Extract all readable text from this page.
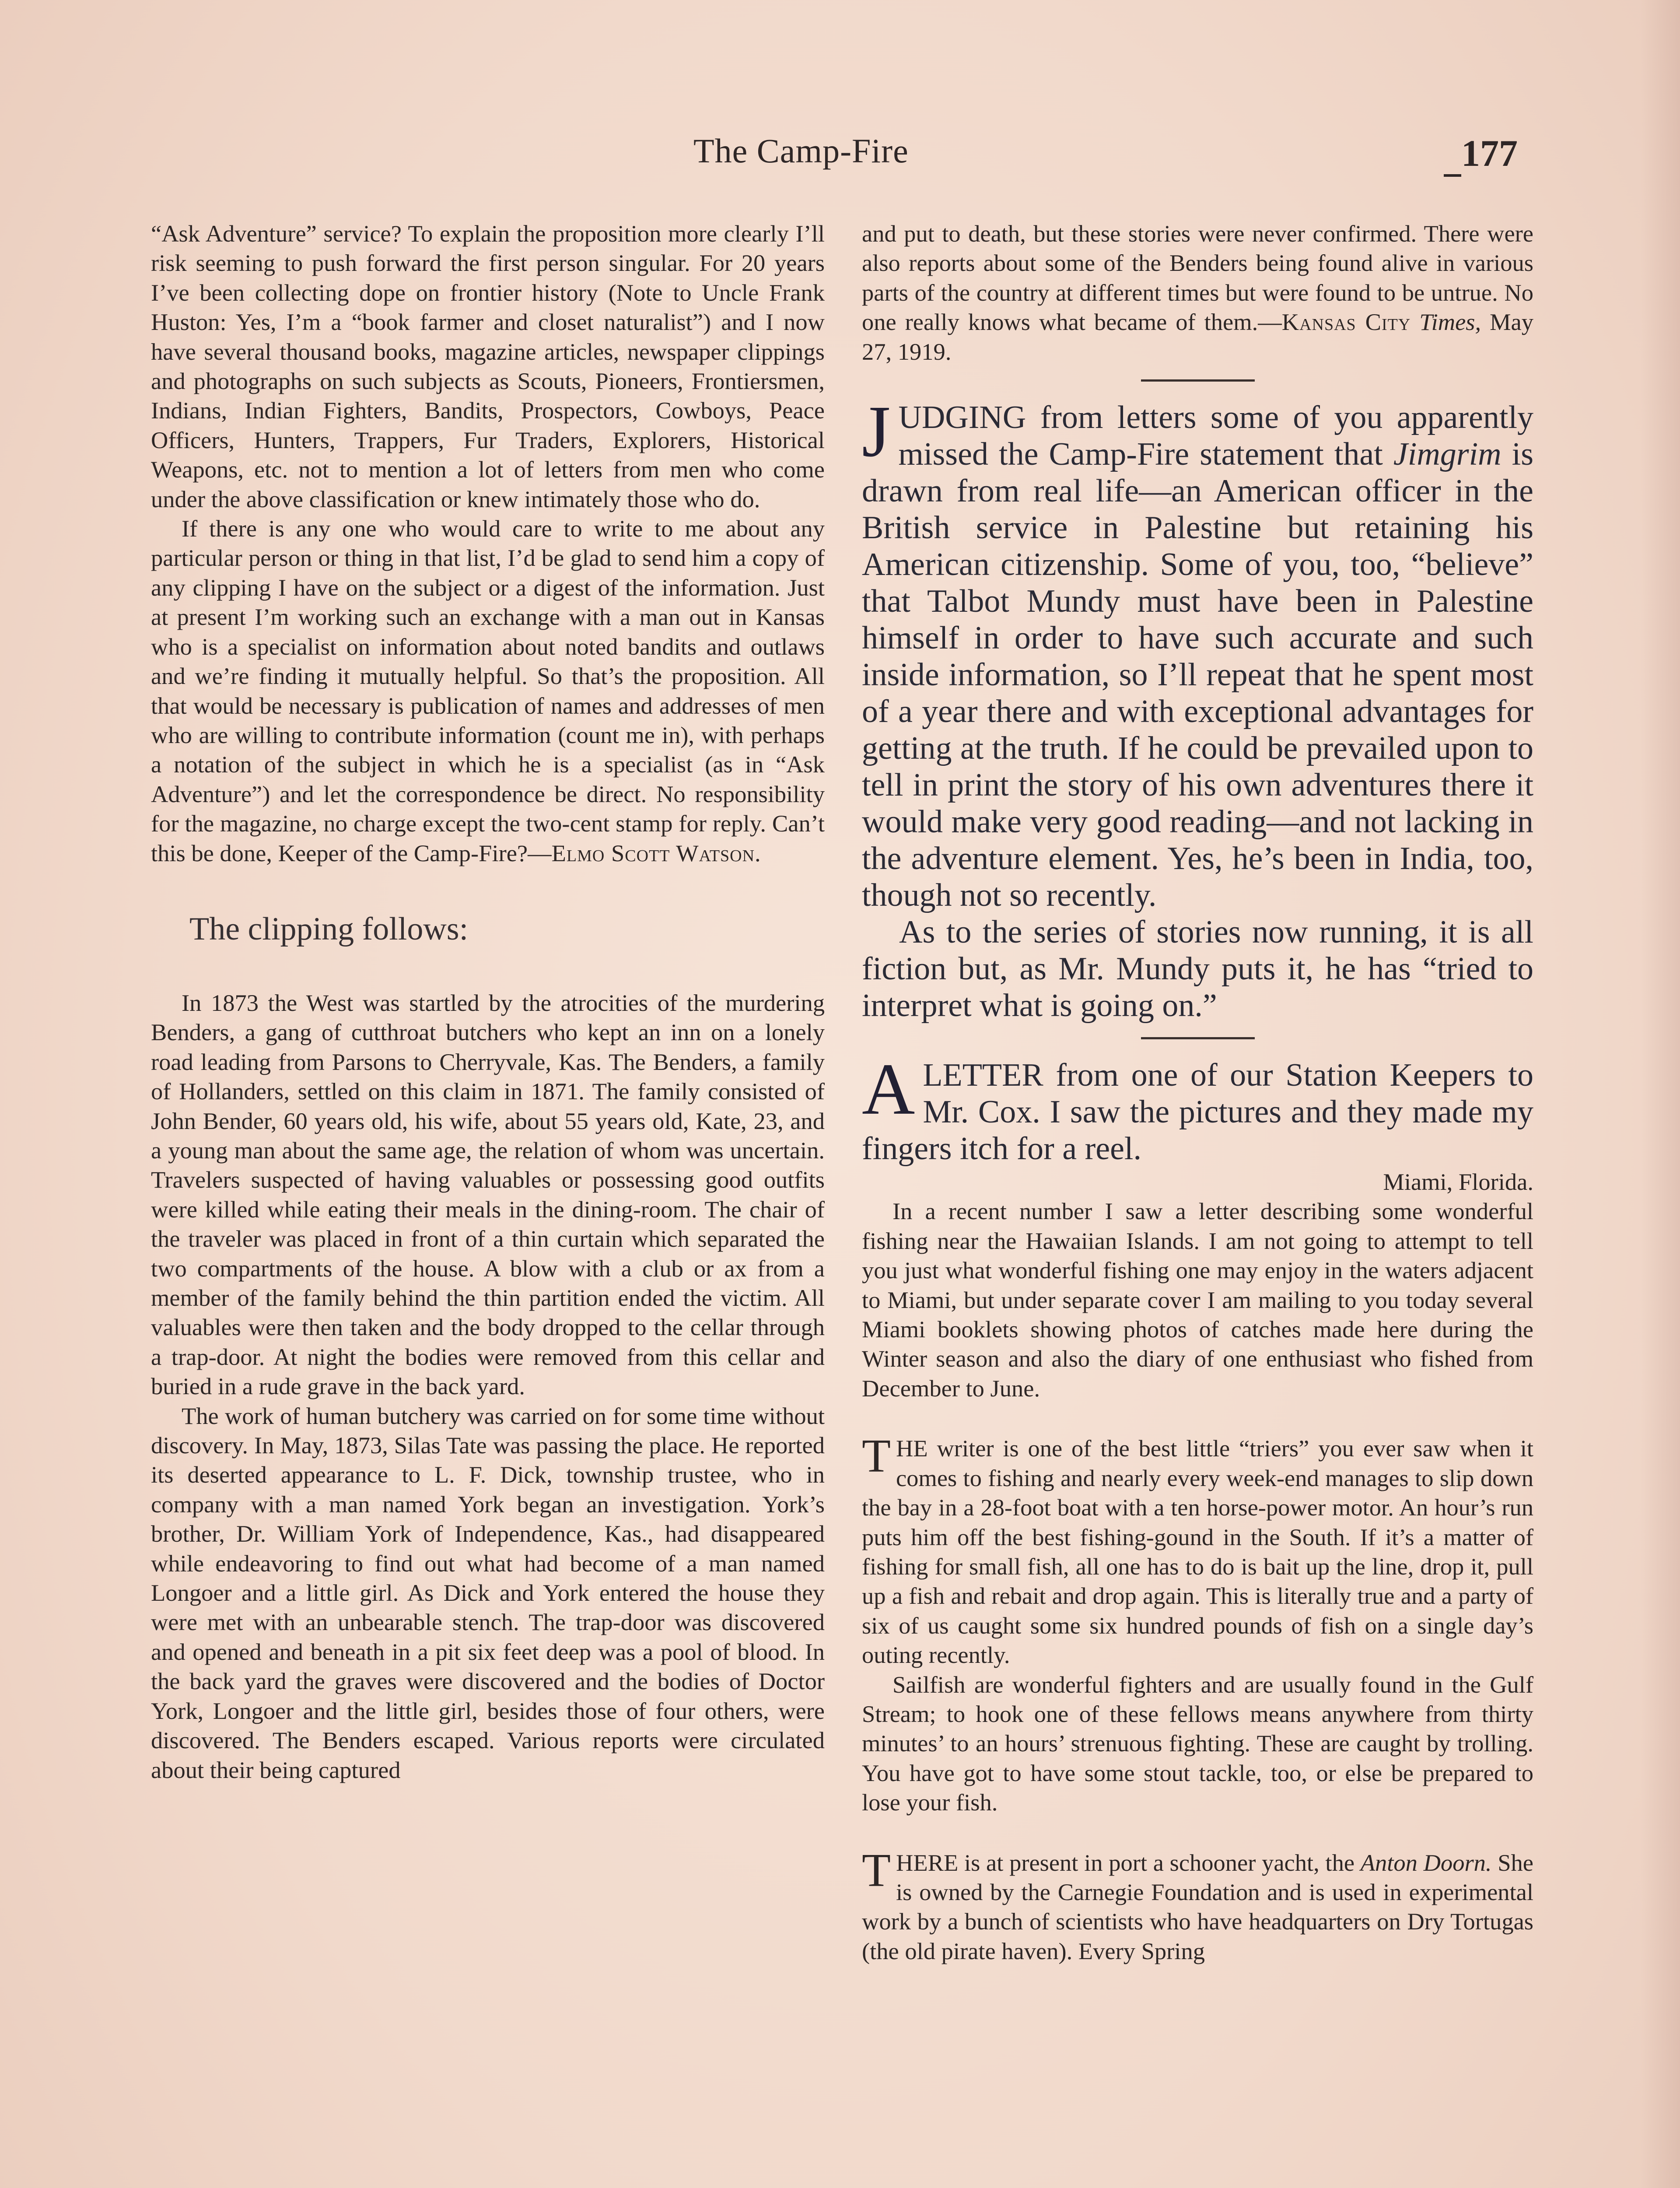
The Camp-Fire	177

“Ask Adventure” service? To explain the proposition more clearly I’ll risk seeming to push forward the first person singular. For 20 years I’ve been collecting dope on frontier history (Note to Uncle Frank Huston: Yes, I’m a “book farmer and closet naturalist”) and I now have several thousand books, magazine articles, newspaper clippings and photographs on such subjects as Scouts, Pioneers, Frontiersmen, Indians, Indian Fighters, Bandits, Prospectors, Cowboys, Peace Officers, Hunters, Trappers, Fur Traders, Explorers, Historical Weapons, etc. not to mention a lot of letters from men who come under the above classification or knew intimately those who do.

If there is any one who would care to write to me about any particular person or thing in that list, I’d be glad to send him a copy of any clipping I have on the subject or a digest of the information. Just at present I’m working such an exchange with a man out in Kansas who is a specialist on information about noted bandits and outlaws and we’re finding it mutually helpful. So that’s the proposition. All that would be necessary is publication of names and addresses of men who are willing to contribute information (count me in), with perhaps a notation of the subject in which he is a specialist (as in “Ask Adventure”) and let the correspondence be direct. No responsibility for the magazine, no charge except the two-cent stamp for reply. Can’t this be done, Keeper of the Camp-Fire?—Elmo Scott Watson.

The clipping follows:

In 1873 the West was startled by the atrocities of the murdering Benders, a gang of cutthroat butchers who kept an inn on a lonely road leading from Parsons to Cherryvale, Kas. The Benders, a family of Hollanders, settled on this claim in 1871. The family consisted of John Bender, 60 years old, his wife, about 55 years old, Kate, 23, and a young man about the same age, the relation of whom was uncertain. Travelers suspected of having valuables or possessing good outfits were killed while eating their meals in the dining-room. The chair of the traveler was placed in front of a thin curtain which separated the two compartments of the house. A blow with a club or ax from a member of the family behind the thin partition ended the victim. All valuables were then taken and the body dropped to the cellar through a trap-door. At night the bodies were removed from this cellar and buried in a rude grave in the back yard.

The work of human butchery was carried on for some time without discovery. In May, 1873, Silas Tate was passing the place. He reported its deserted appearance to L. F. Dick, township trustee, who in company with a man named York began an investigation. York’s brother, Dr. William York of Independence, Kas., had disappeared while endeavoring to find out what had become of a man named Longoer and a little girl. As Dick and York entered the house they were met with an unbearable stench. The trap-door was discovered and opened and beneath in a pit six feet deep was a pool of blood. In the back yard the graves were discovered and the bodies of Doctor York, Longoer and the little girl, besides those of four others, were discovered. The Benders escaped. Various reports were circulated about their being captured

and put to death, but these stories were never confirmed. There were also reports about some of the Benders being found alive in various parts of the country at different times but were found to be untrue. No one really knows what became of them.—Kansas City Times, May 27, 1919.

JUDGING from letters some of you apparently missed the Camp-Fire statement that Jimgrim is drawn from real life—an American officer in the British service in Palestine but retaining his American citizenship. Some of you, too, “believe” that Talbot Mundy must have been in Palestine himself in order to have such accurate and such inside information, so I’ll repeat that he spent most of a year there and with exceptional advantages for getting at the truth. If he could be prevailed upon to tell in print the story of his own adventures there it would make very good reading—and not lacking in the adventure element. Yes, he’s been in India, too, though not so recently.

As to the series of stories now running, it is all fiction but, as Mr. Mundy puts it, he has “tried to interpret what is going on.”

ALETTER from one of our Station Keepers to Mr. Cox. I saw the pictures and they made my fingers itch for a reel.

Miami, Florida.

In a recent number I saw a letter describing some wonderful fishing near the Hawaiian Islands. I am not going to attempt to tell you just what wonderful fishing one may enjoy in the waters adjacent to Miami, but under separate cover I am mailing to you today several Miami booklets showing photos of catches made here during the Winter season and also the diary of one enthusiast who fished from December to June.

THE writer is one of the best little “triers” you ever saw when it comes to fishing and nearly every week-end manages to slip down the bay in a 28-foot boat with a ten horse-power motor. An hour’s run puts him off the best fishing-gound in the South. If it’s a matter of fishing for small fish, all one has to do is bait up the line, drop it, pull up a fish and rebait and drop again. This is literally true and a party of six of us caught some six hundred pounds of fish on a single day’s outing recently.

Sailfish are wonderful fighters and are usually found in the Gulf Stream; to hook one of these fellows means anywhere from thirty minutes’ to an hours’ strenuous fighting. These are caught by trolling. You have got to have some stout tackle, too, or else be prepared to lose your fish.

THERE is at present in port a schooner yacht, the Anton Doorn. She is owned by the Carnegie Foundation and is used in experimental work by a bunch of scientists who have headquarters on Dry Tortugas (the old pirate haven). Every Spring
